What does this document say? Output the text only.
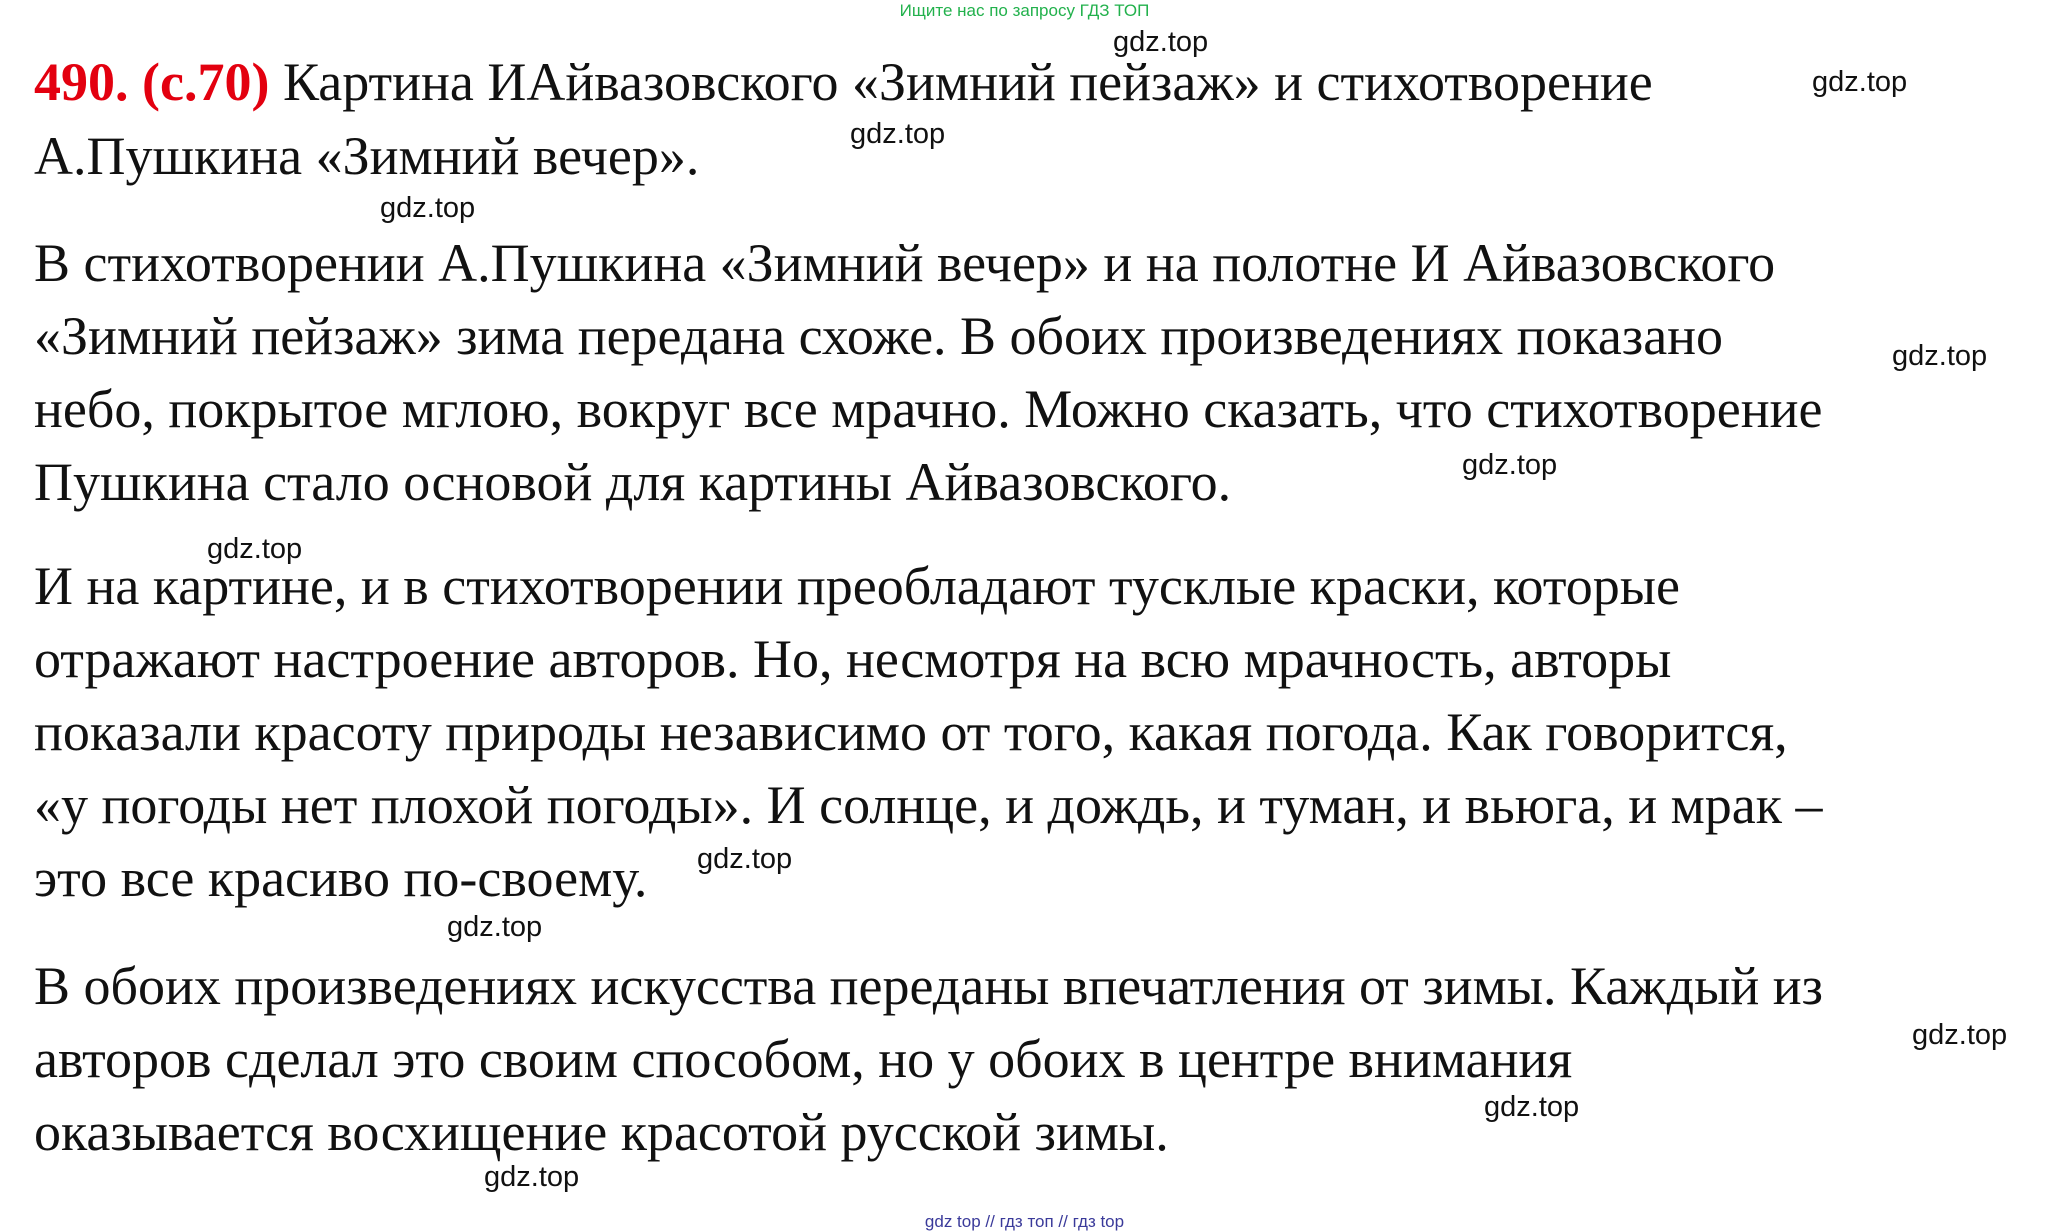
Ищите нас по запросу ГДЗ ТОП
gdz.top
gdz.top
gdz.top
gdz.top
gdz.top
gdz.top
gdz.top
gdz.top
gdz.top
gdz.top
gdz.top
gdz.top
490. (с.70) Картина ИАйвазовского «Зимний пейзаж» и стихотворение
А.Пушкина «Зимний вечер».
В стихотворении А.Пушкина «Зимний вечер» и на полотне И Айвазовского
«Зимний пейзаж» зима передана схоже. В обоих произведениях показано
небо, покрытое мглою, вокруг все мрачно. Можно сказать, что стихотворение
Пушкина стало основой для картины Айвазовского.
И на картине, и в стихотворении преобладают тусклые краски, которые
отражают настроение авторов. Но, несмотря на всю мрачность, авторы
показали красоту природы независимо от того, какая погода. Как говорится,
«у погоды нет плохой погоды». И солнце, и дождь, и туман, и вьюга, и мрак –
это все красиво по-своему.
В обоих произведениях искусства переданы впечатления от зимы. Каждый из
авторов сделал это своим способом, но у обоих в центре внимания
оказывается восхищение красотой русской зимы.
gdz top // гдз топ // гдз top
